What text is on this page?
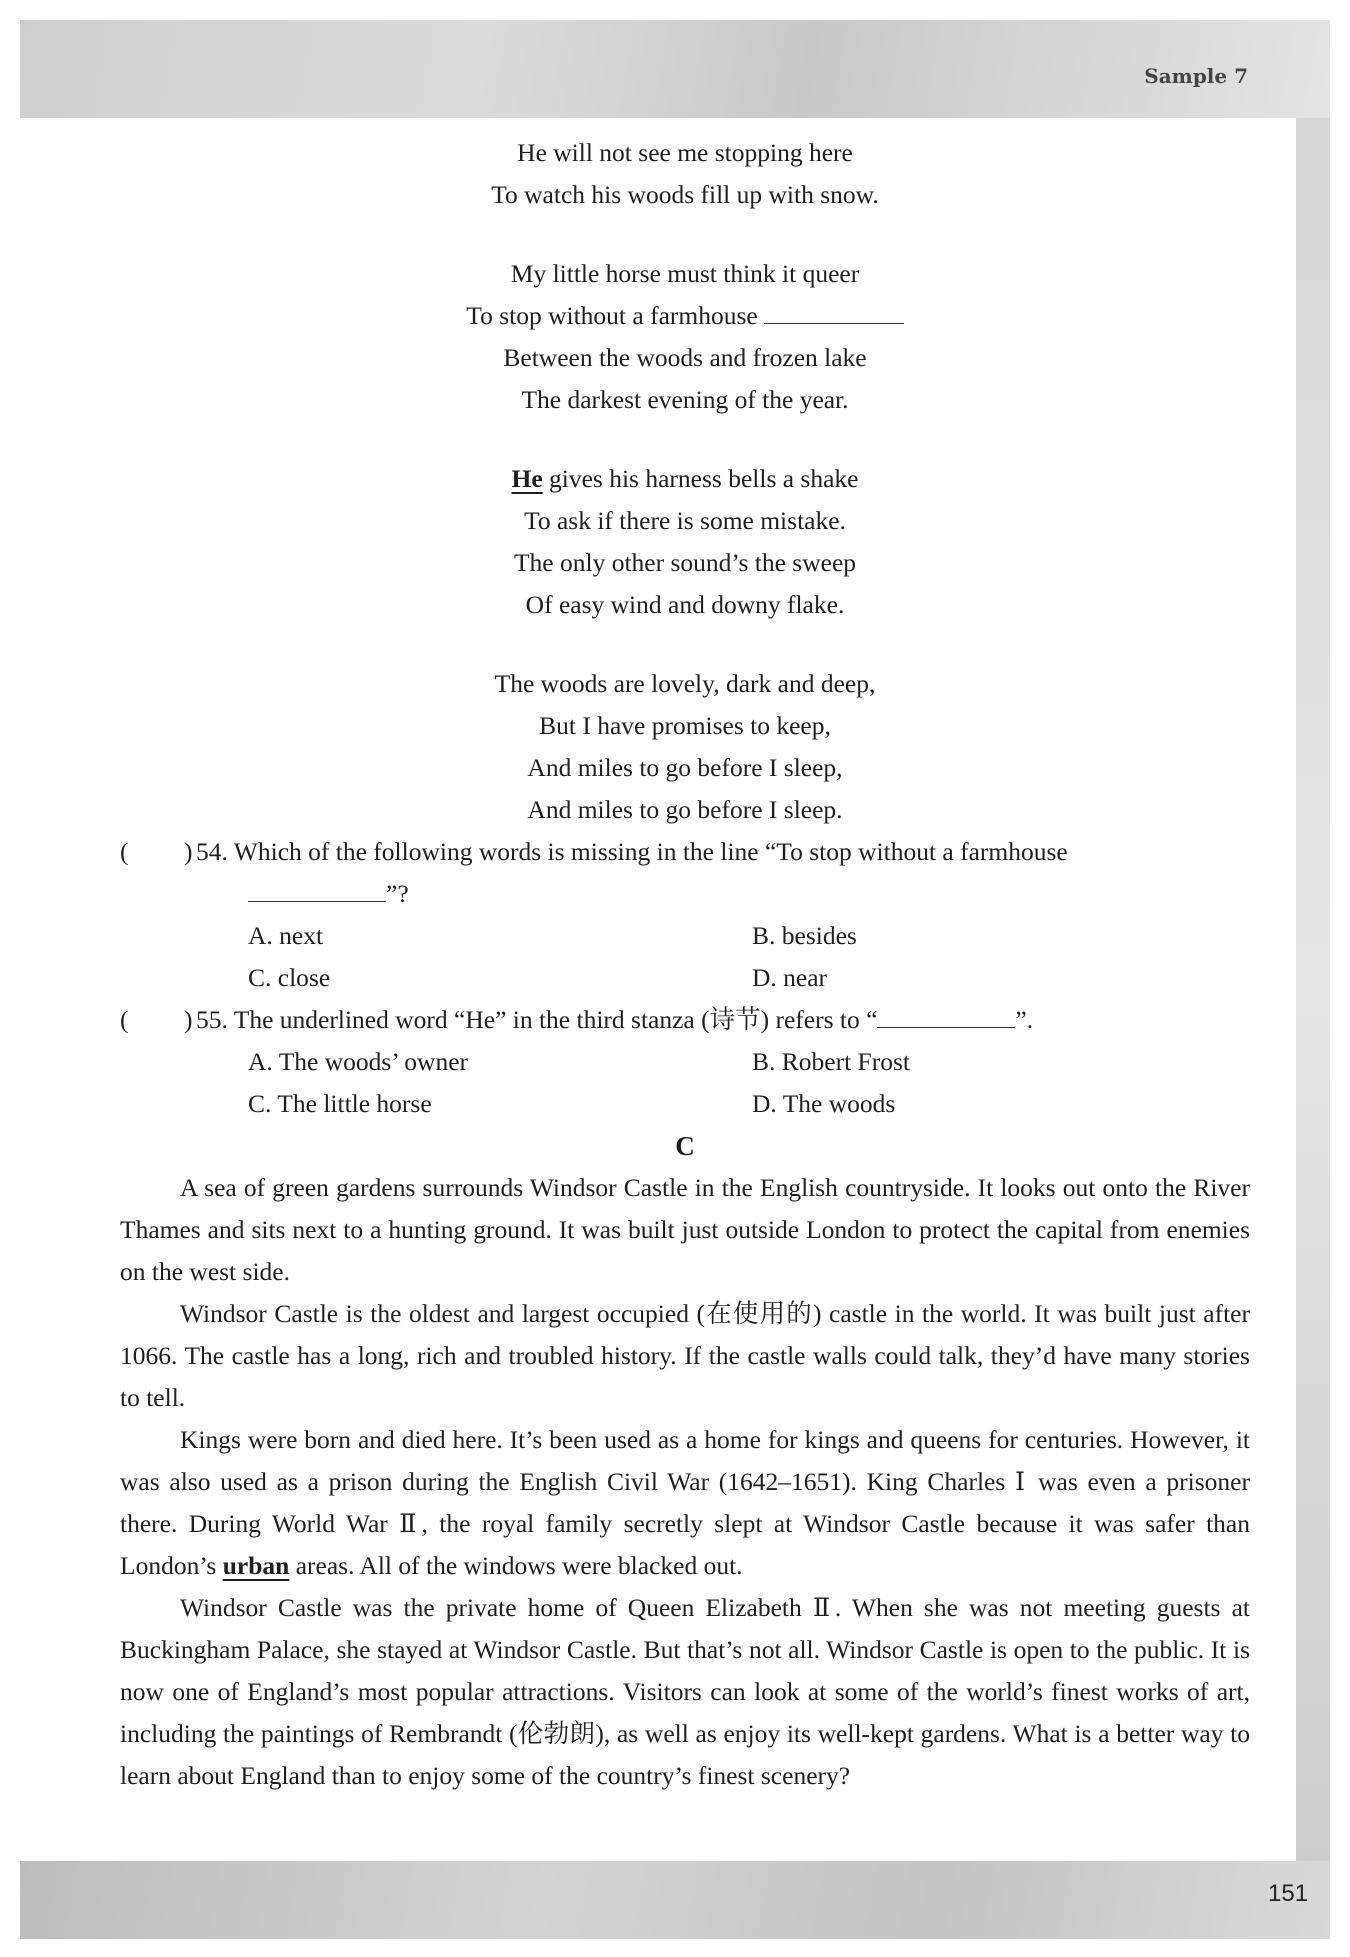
Sample 7
151
He will not see me stopping here
To watch his woods fill up with snow.
My little horse must think it queer
To stop without a farmhouse
Between the woods and frozen lake
The darkest evening of the year.
He gives his harness bells a shake
To ask if there is some mistake.
The only other sound’s the sweep
Of easy wind and downy flake.
The woods are lovely, dark and deep,
But I have promises to keep,
And miles to go before I sleep,
And miles to go before I sleep.
( ) 54. Which of the following words is missing in the line “To stop without a farmhouse
”?
A. next	B. besides
C. close	D. near
( ) 55. The underlined word “He” in the third stanza (诗节) refers to “	”.
A. The woods’ owner	B. Robert Frost
C. The little horse	D. The woods
C

A sea of green gardens surrounds Windsor Castle in the English countryside. It looks out onto the River Thames and sits next to a hunting ground. It was built just outside London to protect the capital from enemies on the west side.

Windsor Castle is the oldest and largest occupied (在使用的) castle in the world. It was built just after 1066. The castle has a long, rich and troubled history. If the castle walls could talk, they’d have many stories to tell.

Kings were born and died here. It’s been used as a home for kings and queens for centuries. However, it was also used as a prison during the English Civil War (1642–1651). King Charles Ⅰ was even a prisoner there. During World War Ⅱ, the royal family secretly slept at Windsor Castle because it was safer than London’s urban areas. All of the windows were blacked out.

Windsor Castle was the private home of Queen Elizabeth Ⅱ. When she was not meeting guests at Buckingham Palace, she stayed at Windsor Castle. But that’s not all. Windsor Castle is open to the public. It is now one of England’s most popular attractions. Visitors can look at some of the world’s finest works of art, including the paintings of Rembrandt (伦勃朗), as well as enjoy its well-kept gardens. What is a better way to learn about England than to enjoy some of the country’s finest scenery?
